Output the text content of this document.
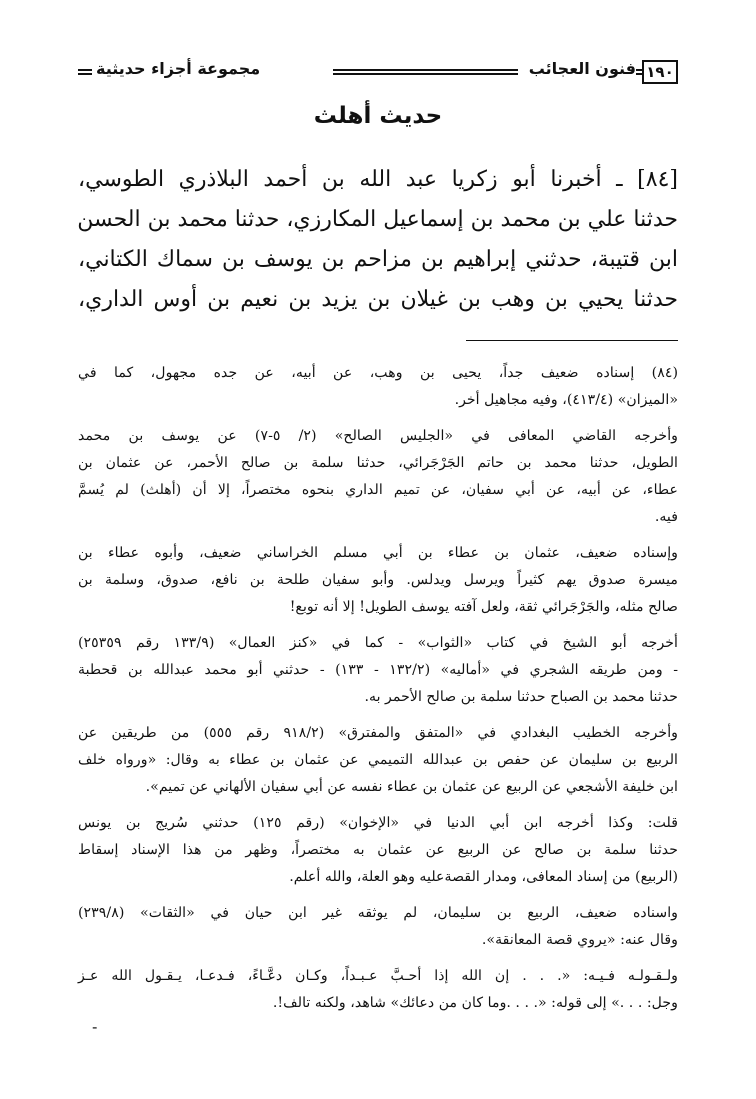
١٩٠
فنون العجائب
مجموعة أجزاء حديثية
حديث أهلث
[٨٤] ـ أخبرنا أبو زكريا عبد الله بن أحمد البلاذري الطوسي،
حدثنا علي بن محمد بن إسماعيل المكارزي، حدثنا محمد بن الحسن
ابن قتيبة، حدثني إبراهيم بن مزاحم بن يوسف بن سماك الكتاني،
حدثنا يحيي بن وهب بن غيلان بن يزيد بن نعيم بن أوس الداري،
(٨٤) إسناده ضعيف جداً، يحيى بن وهب، عن أبيه، عن جده مجهول، كما في
«الميزان» (٤١٣/٤)، وفيه مجاهيل أخر.
وأخرجه القاضي المعافى في «الجليس الصالح» (٢/ ٥-٧) عن يوسف بن محمد
الطويل، حدثنا محمد بن حاتم الجَرْجَرائي، حدثنا سلمة بن صالح الأحمر، عن عثمان بن
عطاء، عن أبيه، عن أبي سفيان، عن تميم الداري بنحوه مختصراً، إلا أن (أهلث) لم يُسمَّ
فيه.
وإسناده ضعيف، عثمان بن عطاء بن أبي مسلم الخراساني ضعيف، وأبوه عطاء بن
ميسرة صدوق يهم كثيراً ويرسل ويدلس. وأبو سفيان طلحة بن نافع، صدوق، وسلمة بن
صالح مثله، والجَرْجَرائي ثقة، ولعل آفته يوسف الطويل! إلا أنه توبع!
أخرجه أبو الشيخ في كتاب «الثواب» - كما في «كنز العمال» (١٣٣/٩ رقم ٢٥٣٥٩)
- ومن طريقه الشجري في «أماليه» (١٣٢/٢ - ١٣٣) - حدثني أبو محمد عبدالله بن قحطبة
حدثنا محمد بن الصباح حدثنا سلمة بن صالح الأحمر به.
وأخرجه الخطيب البغدادي في «المتفق والمفترق» (٩١٨/٢ رقم ٥٥٥) من طريقين عن
الربيع بن سليمان عن حفص بن عبدالله التميمي عن عثمان بن عطاء به وقال: «ورواه خلف
ابن خليفة الأشجعي عن الربيع عن عثمان بن عطاء نفسه عن أبي سفيان الألهاني عن تميم».
قلت: وكذا أخرجه ابن أبي الدنيا في «الإخوان» (رقم ١٢٥) حدثني سُريج بن يونس
حدثنا سلمة بن صالح عن الربيع عن عثمان به مختصراً، وظهر من هذا الإسناد إسقاط
(الربيع) من إسناد المعافى، ومدار القصةعليه وهو العلة، والله أعلم.
واسناده ضعيف، الربيع بن سليمان، لم يوثقه غير ابن حيان في «الثقات» (٢٣٩/٨)
وقال عنه: «يروي قصة المعانقة».
ولـقـولـه فـيـه: «. . . إن الله إذا أحـبَّ عـبـداً، وكـان دعَّـاءً، فـدعـا، يـقـول الله عـز
وجل: . . .» إلى قوله: «. . . .وما كان من دعائك» شاهد، ولكنه تالف!.
-
